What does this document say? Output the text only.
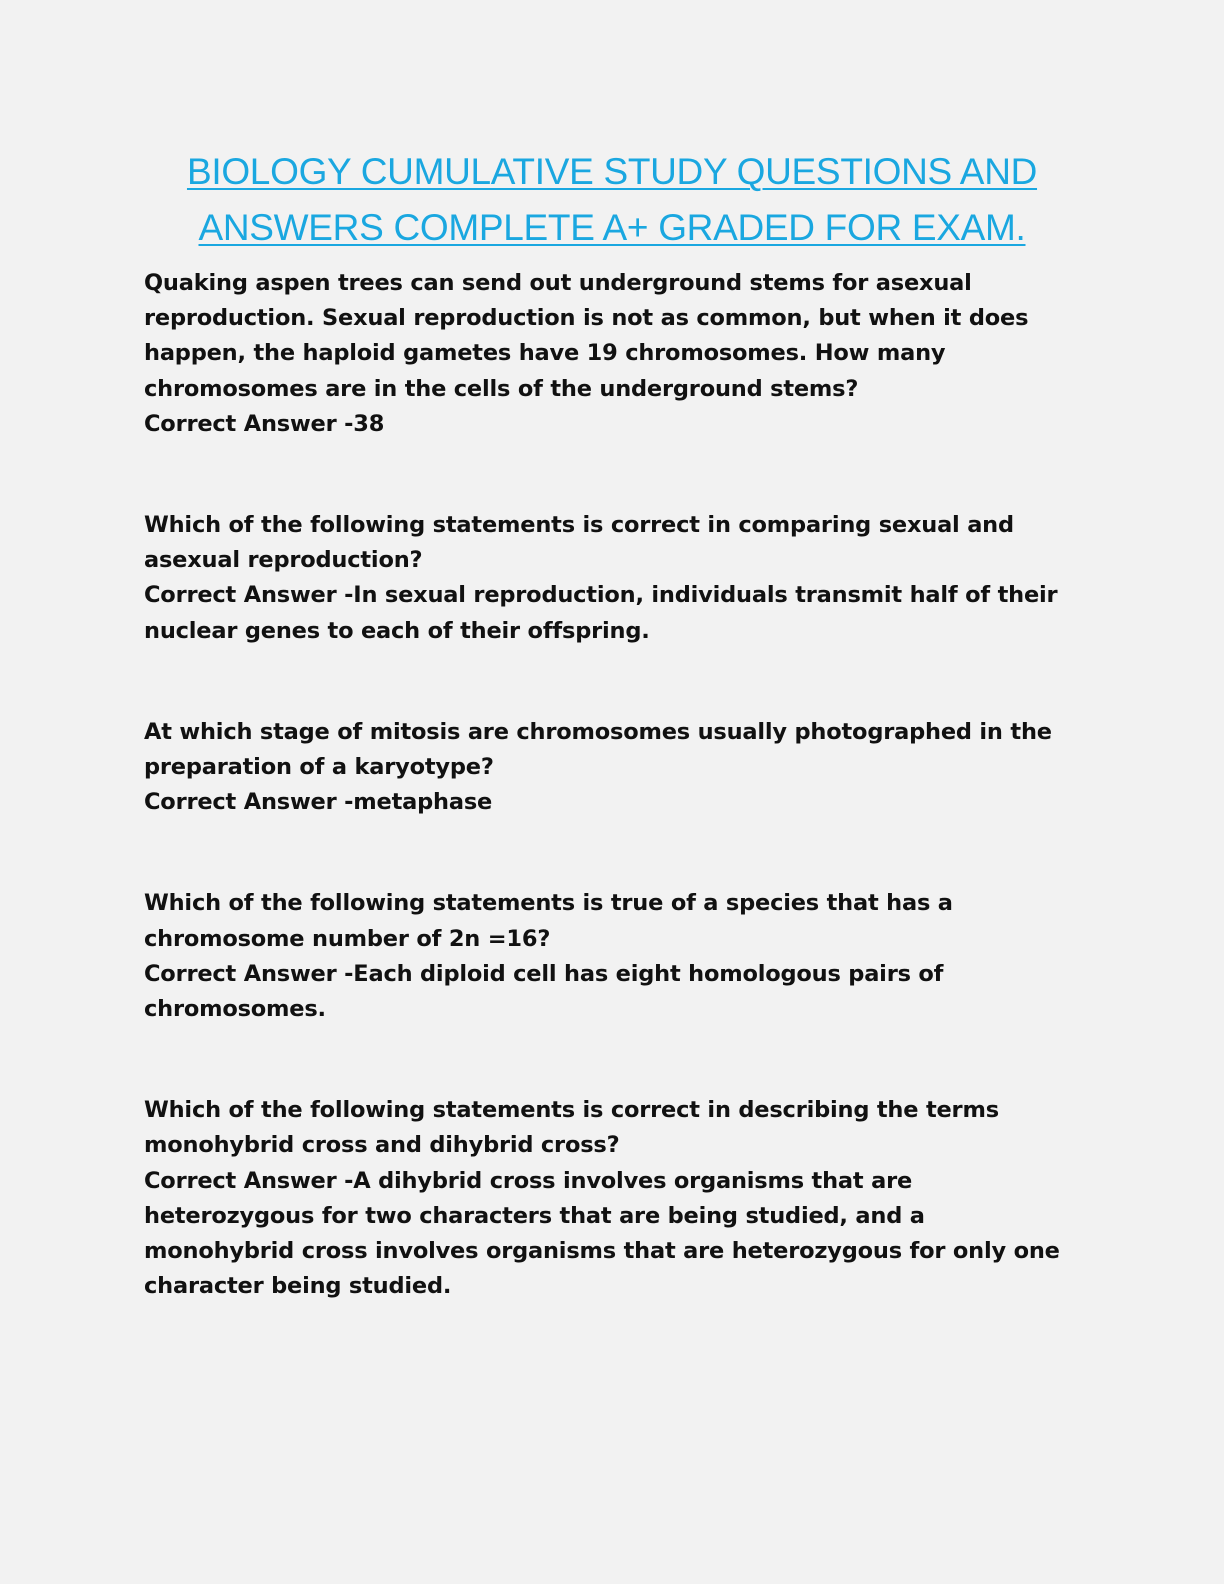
BIOLOGY CUMULATIVE STUDY QUESTIONS AND ANSWERS COMPLETE A+ GRADED FOR EXAM.

Quaking aspen trees can send out underground stems for asexual reproduction. Sexual reproduction is not as common, but when it does happen, the haploid gametes have 19 chromosomes. How many chromosomes are in the cells of the underground stems?

Correct Answer -38

Which of the following statements is correct in comparing sexual and asexual reproduction?

Correct Answer -In sexual reproduction, individuals transmit half of their nuclear genes to each of their offspring.

At which stage of mitosis are chromosomes usually photographed in the preparation of a karyotype?

Correct Answer -metaphase

Which of the following statements is true of a species that has a chromosome number of 2n =16?

Correct Answer -Each diploid cell has eight homologous pairs of chromosomes.

Which of the following statements is correct in describing the terms monohybrid cross and dihybrid cross?

Correct Answer -A dihybrid cross involves organisms that are heterozygous for two characters that are being studied, and a monohybrid cross involves organisms that are heterozygous for only one character being studied.
